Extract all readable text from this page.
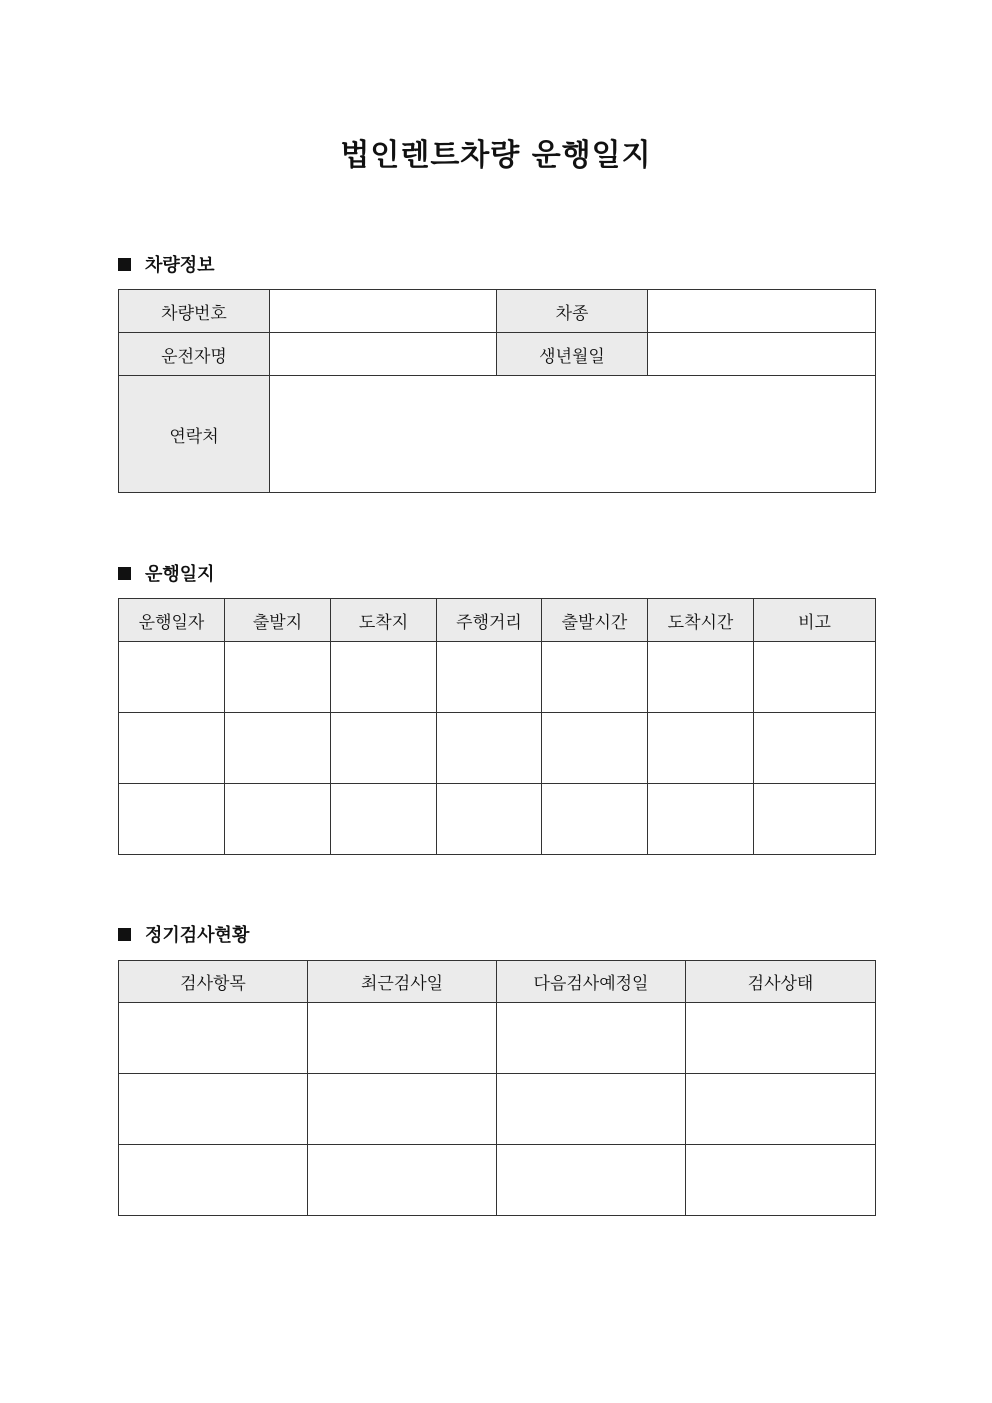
법인렌트차량 운행일지
차량정보
차량번호		차종	
운전자명		생년월일	
연락처			
운행일지
운행일자	출발지	도착지	주행거리	출발시간	도착시간	비고

정기검사현황
검사항목	최근검사일	다음검사예정일	검사상태
